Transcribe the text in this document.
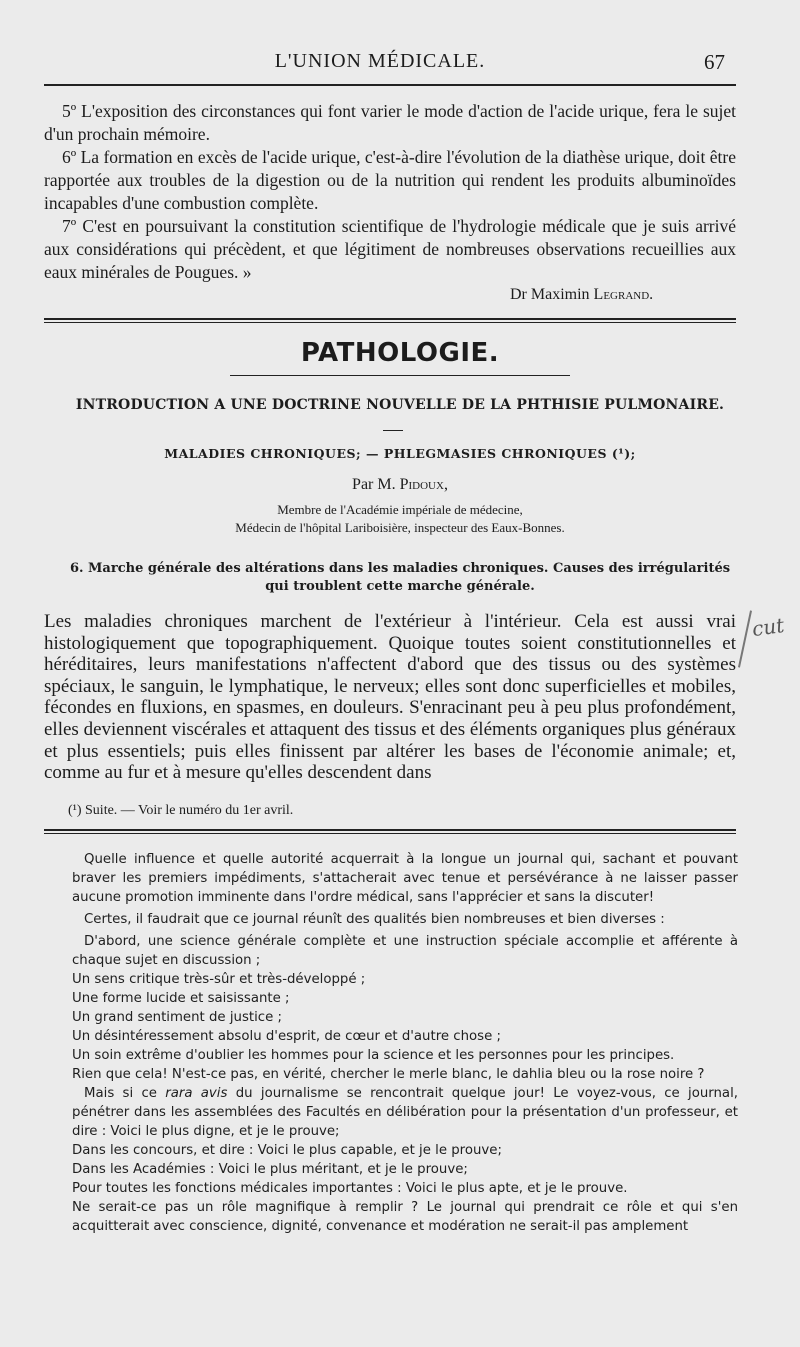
L'UNION MÉDICALE.	67
5º L'exposition des circonstances qui font varier le mode d'action de l'acide urique, fera le sujet d'un prochain mémoire.
6º La formation en excès de l'acide urique, c'est-à-dire l'évolution de la diathèse urique, doit être rapportée aux troubles de la digestion ou de la nutrition qui rendent les produits albuminoïdes incapables d'une combustion complète.
7º C'est en poursuivant la constitution scientifique de l'hydrologie médicale que je suis arrivé aux considérations qui précèdent, et que légitiment de nombreuses observations recueillies aux eaux minérales de Pougues. »
Dr Maximin Legrand.
PATHOLOGIE.
INTRODUCTION A UNE DOCTRINE NOUVELLE DE LA PHTHISIE PULMONAIRE.
MALADIES CHRONIQUES; — PHLEGMASIES CHRONIQUES (¹);
Par M. Pidoux,
Membre de l'Académie impériale de médecine,
Médecin de l'hôpital Lariboisière, inspecteur des Eaux-Bonnes.
6. Marche générale des altérations dans les maladies chroniques. Causes des irrégularités qui troublent cette marche générale.
Les maladies chroniques marchent de l'extérieur à l'intérieur. Cela est aussi vrai histologiquement que topographiquement. Quoique toutes soient constitutionnelles et héréditaires, leurs manifestations n'affectent d'abord que des tissus ou des systèmes spéciaux, le sanguin, le lymphatique, le nerveux; elles sont donc superficielles et mobiles, fécondes en fluxions, en spasmes, en douleurs. S'enracinant peu à peu plus profondément, elles deviennent viscérales et attaquent des tissus et des éléments organiques plus généraux et plus essentiels; puis elles finissent par altérer les bases de l'économie animale; et, comme au fur et à mesure qu'elles descendent dans
(¹) Suite. — Voir le numéro du 1er avril.

Quelle influence et quelle autorité acquerrait à la longue un journal qui, sachant et pouvant braver les premiers impédiments, s'attacherait avec tenue et persévérance à ne laisser passer aucune promotion imminente dans l'ordre médical, sans l'apprécier et sans la discuter!

Certes, il faudrait que ce journal réunît des qualités bien nombreuses et bien diverses :

D'abord, une science générale complète et une instruction spéciale accomplie et afférente à chaque sujet en discussion ;

Un sens critique très-sûr et très-développé ;

Une forme lucide et saisissante ;

Un grand sentiment de justice ;

Un désintéressement absolu d'esprit, de cœur et d'autre chose ;

Un soin extrême d'oublier les hommes pour la science et les personnes pour les principes.

Rien que cela! N'est-ce pas, en vérité, chercher le merle blanc, le dahlia bleu ou la rose noire ?

Mais si ce rara avis du journalisme se rencontrait quelque jour! Le voyez-vous, ce journal, pénétrer dans les assemblées des Facultés en délibération pour la présentation d'un professeur, et dire : Voici le plus digne, et je le prouve;

Dans les concours, et dire : Voici le plus capable, et je le prouve;

Dans les Académies : Voici le plus méritant, et je le prouve;

Pour toutes les fonctions médicales importantes : Voici le plus apte, et je le prouve.

Ne serait-ce pas un rôle magnifique à remplir ? Le journal qui prendrait ce rôle et qui s'en acquitterait avec conscience, dignité, convenance et modération ne serait-il pas amplement

cut
